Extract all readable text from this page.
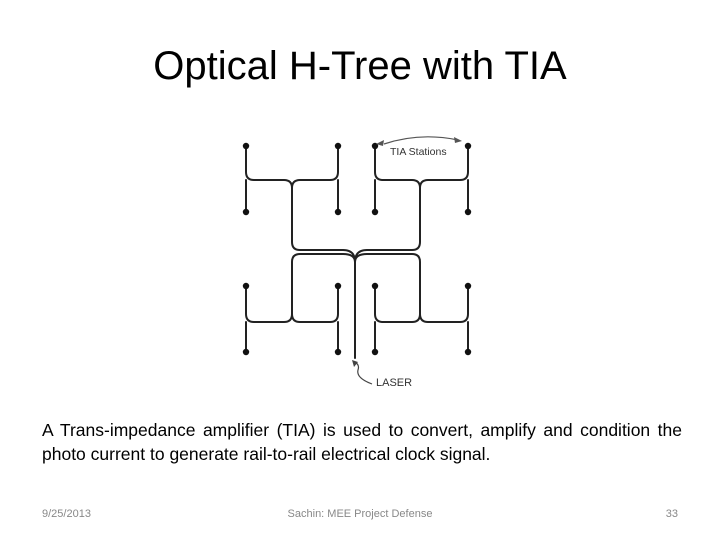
Optical H-Tree with TIA
TIA Stations
LASER
A Trans-impedance amplifier (TIA) is used to convert, amplify and condition the photo current to generate rail-to-rail electrical clock signal.
9/25/2013	Sachin: MEE Project Defense	33
